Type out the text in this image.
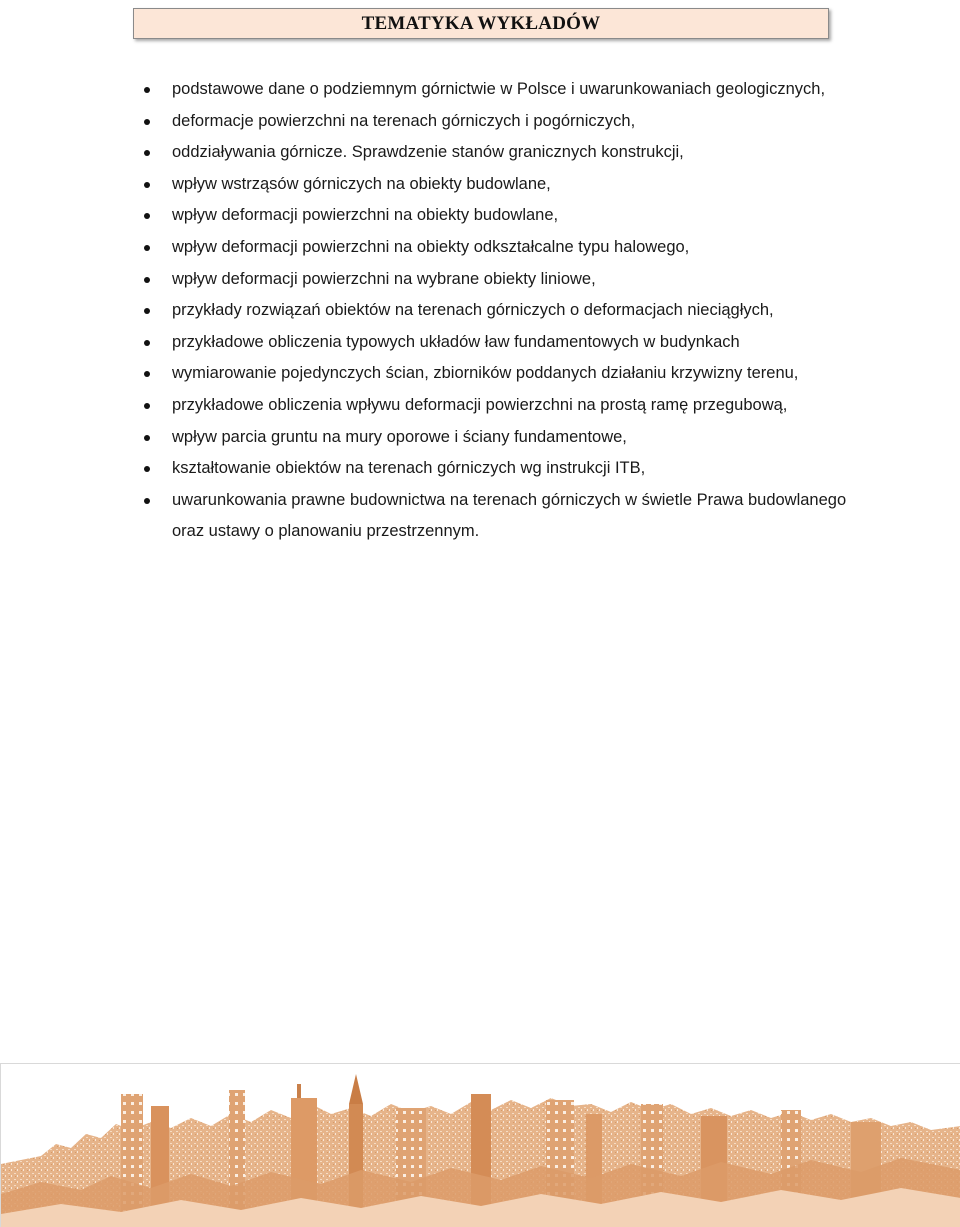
TEMATYKA WYKŁADÓW
podstawowe dane o podziemnym górnictwie w Polsce i uwarunkowaniach geologicznych,
deformacje powierzchni na terenach górniczych i pogórniczych,
oddziaływania górnicze. Sprawdzenie stanów granicznych konstrukcji,
wpływ wstrząsów górniczych na obiekty budowlane,
wpływ deformacji powierzchni na obiekty budowlane,
wpływ deformacji powierzchni na obiekty odkształcalne typu halowego,
wpływ deformacji powierzchni na wybrane obiekty liniowe,
przykłady rozwiązań obiektów na terenach górniczych o deformacjach nieciągłych,
przykładowe obliczenia typowych układów ław fundamentowych w budynkach
wymiarowanie pojedynczych ścian, zbiorników poddanych działaniu krzywizny terenu,
przykładowe obliczenia wpływu deformacji powierzchni na prostą ramę przegubową,
wpływ parcia gruntu na mury oporowe i ściany fundamentowe,
kształtowanie obiektów na terenach górniczych wg instrukcji ITB,
uwarunkowania prawne budownictwa na terenach górniczych w świetle Prawa budowlanego oraz ustawy o planowaniu przestrzennym.
